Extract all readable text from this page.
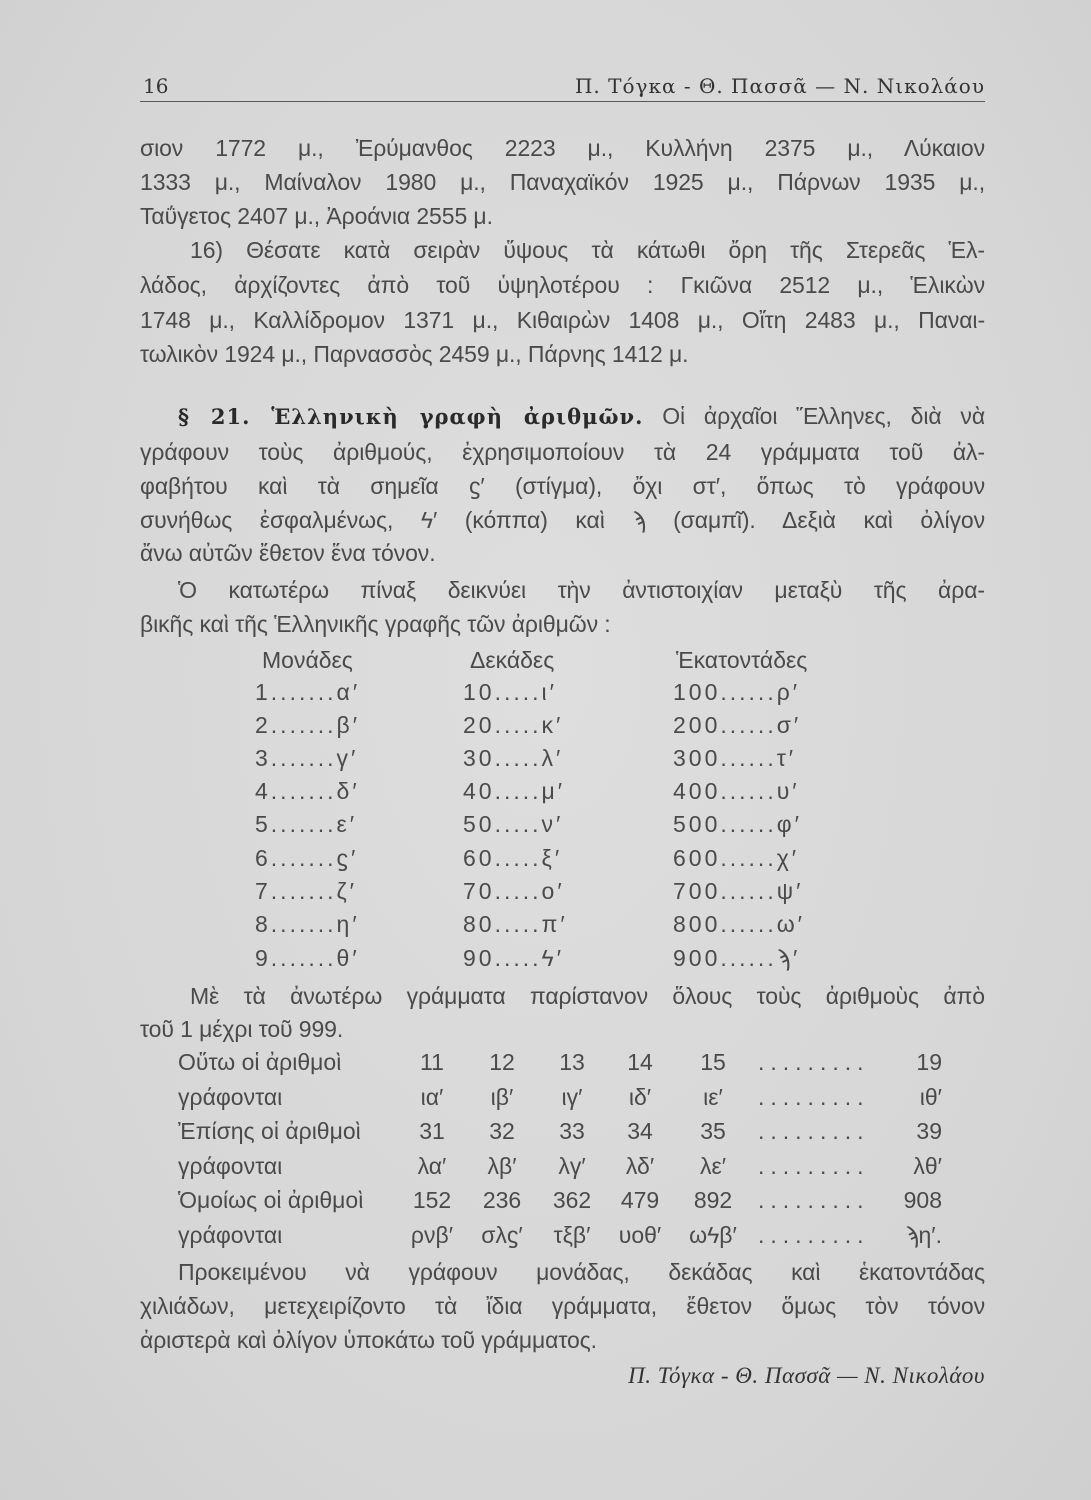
16	Π. Τόγκα - Θ. Πασσᾶ — Ν. Νικολάου
§ 21. Ἑλληνικὴ γραφὴ ἀριθμῶν. Οἱ ἀρχαῖοι Ἕλληνες, διὰ νὰ
Π. Τόγκα - Θ. Πασσᾶ — Ν. Νικολάου
σιον 1772 μ., Ἐρύμανθος 2223 μ., Κυλλήνη 2375 μ., Λύκαιον
1333 μ., Μαίναλον 1980 μ., Παναχαϊκόν 1925 μ., Πάρνων 1935 μ.,
Ταΰγετος 2407 μ., Ἀροάνια 2555 μ.
16) Θέσατε κατὰ σειρὰν ὕψους τὰ κάτωθι ὄρη τῆς Στερεᾶς Ἑλ-
λάδος, ἀρχίζοντες ἀπὸ τοῦ ὑψηλοτέρου : Γκιῶνα 2512 μ., Ἑλικὼν
1748 μ., Καλλίδρομον 1371 μ., Κιθαιρὼν 1408 μ., Οἴτη 2483 μ., Παναι-
τωλικὸν 1924 μ., Παρνασσὸς 2459 μ., Πάρνης 1412 μ.
γράφουν τοὺς ἀριθμούς, ἐχρησιμοποίουν τὰ 24 γράμματα τοῦ ἀλ-
φαβήτου καὶ τὰ σημεῖα ϛ′ (στίγμα), ὄχι στ′, ὅπως τὸ γράφουν
συνήθως ἐσφαλμένως, ϟ′ (κόππα) καὶ ϡ (σαμπῖ). Δεξιὰ καὶ ὀλίγον
ἄνω αὐτῶν ἔθετον ἕνα τόνον.
Ὁ κατωτέρω πίναξ δεικνύει τὴν ἀντιστοιχίαν μεταξὺ τῆς ἀρα-
βικῆς καὶ τῆς Ἑλληνικῆς γραφῆς τῶν ἀριθμῶν :
Μὲ τὰ ἀνωτέρω γράμματα παρίστανον ὅλους τοὺς ἀριθμοὺς ἀπὸ
τοῦ 1 μέχρι τοῦ 999.
Προκειμένου νὰ γράφουν μονάδας, δεκάδας καὶ ἑκατοντάδας
χιλιάδων, μετεχειρίζοντο τὰ ἴδια γράμματα, ἔθετον ὅμως τὸν τόνον
ἀριστερὰ καὶ ὀλίγον ὑποκάτω τοῦ γράμματος.
Μονάδες	Δεκάδες	Ἑκατοντάδες
1.......α′	10.....ι′	100......ρ′
2.......β′	20.....κ′	200......σ′
3.......γ′	30.....λ′	300......τ′
4.......δ′	40.....μ′	400......υ′
5.......ε′	50.....ν′	500......φ′
6.......ϛ′	60.....ξ′	600......χ′
7.......ζ′	70.....ο′	700......ψ′
8.......η′	80.....π′	800......ω′
9.......θ′	90.....ϟ′	900......ϡ′
Οὕτω οἱ ἀριθμοὶ	11	12	13	14	15	.........	19
γράφονται	ια′	ιβ′	ιγ′	ιδ′	ιε′	.........	ιθ′
Ἐπίσης οἱ ἀριθμοὶ	31	32	33	34	35	.........	39
γράφονται	λα′	λβ′	λγ′	λδ′	λε′	.........	λθ′
Ὁμοίως οἱ ἀριθμοὶ	152	236	362	479	892	.........	908
γράφονται	ρνβ′	σλϛ′	τξβ′	υοθ′	ωϟβ′ .........	ϡη′.
